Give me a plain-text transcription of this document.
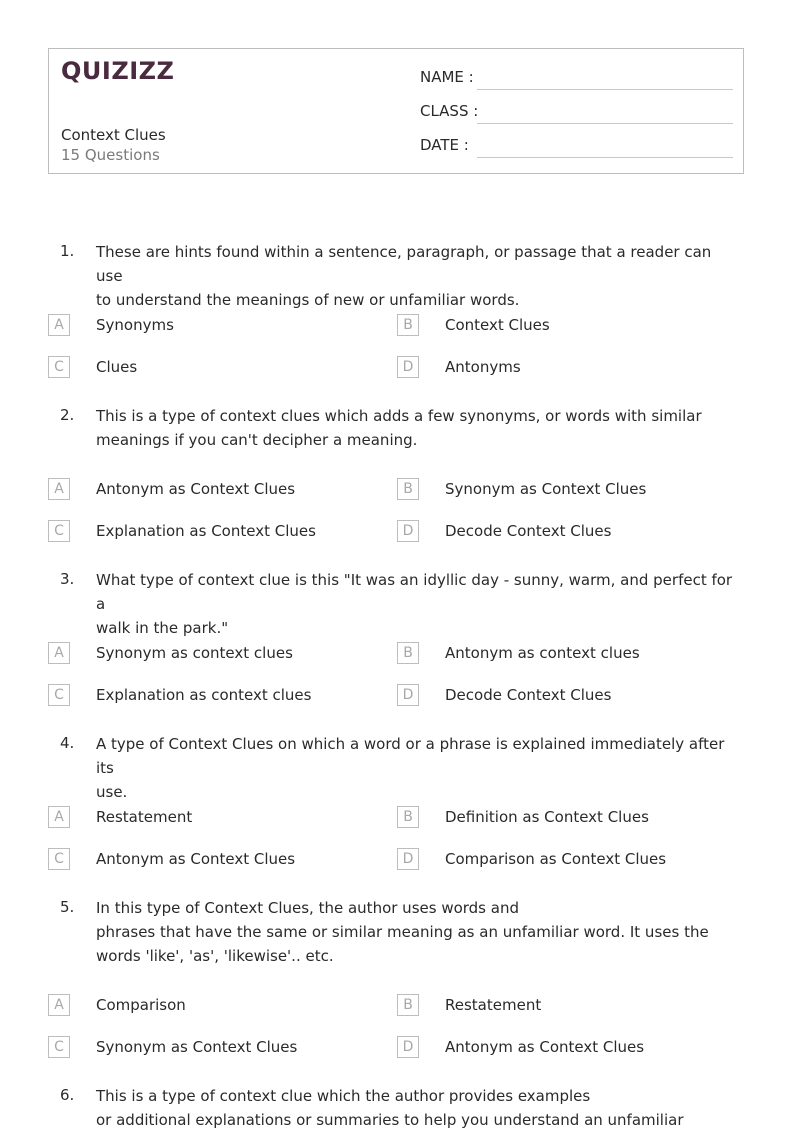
QUIZIZZ
Context Clues
15 Questions
NAME :
CLASS :
DATE :
1. These are hints found within a sentence, paragraph, or passage that a reader can use
to understand the meanings of new or unfamiliar words.
A	Synonyms	B	Context Clues
C	Clues	D	Antonyms
2. This is a type of context clues which adds a few synonyms, or words with similar
meanings if you can't decipher a meaning.
A	Antonym as Context Clues	B	Synonym as Context Clues
C	Explanation as Context Clues	D	Decode Context Clues
3. What type of context clue is this "It was an idyllic day - sunny, warm, and perfect for a
walk in the park."
A	Synonym as context clues	B	Antonym as context clues
C	Explanation as context clues	D	Decode Context Clues
4. A type of Context Clues on which a word or a phrase is explained immediately after its
use.
A	Restatement	B	Definition as Context Clues
C	Antonym as Context Clues	D	Comparison as Context Clues
5. In this type of Context Clues, the author uses words and
phrases that have the same or similar meaning as an unfamiliar word. It uses the
words 'like', 'as', 'likewise'.. etc.
A	Comparison	B	Restatement
C	Synonym as Context Clues	D	Antonym as Context Clues
6. This is a type of context clue which the author provides examples
or additional explanations or summaries to help you understand an unfamiliar
